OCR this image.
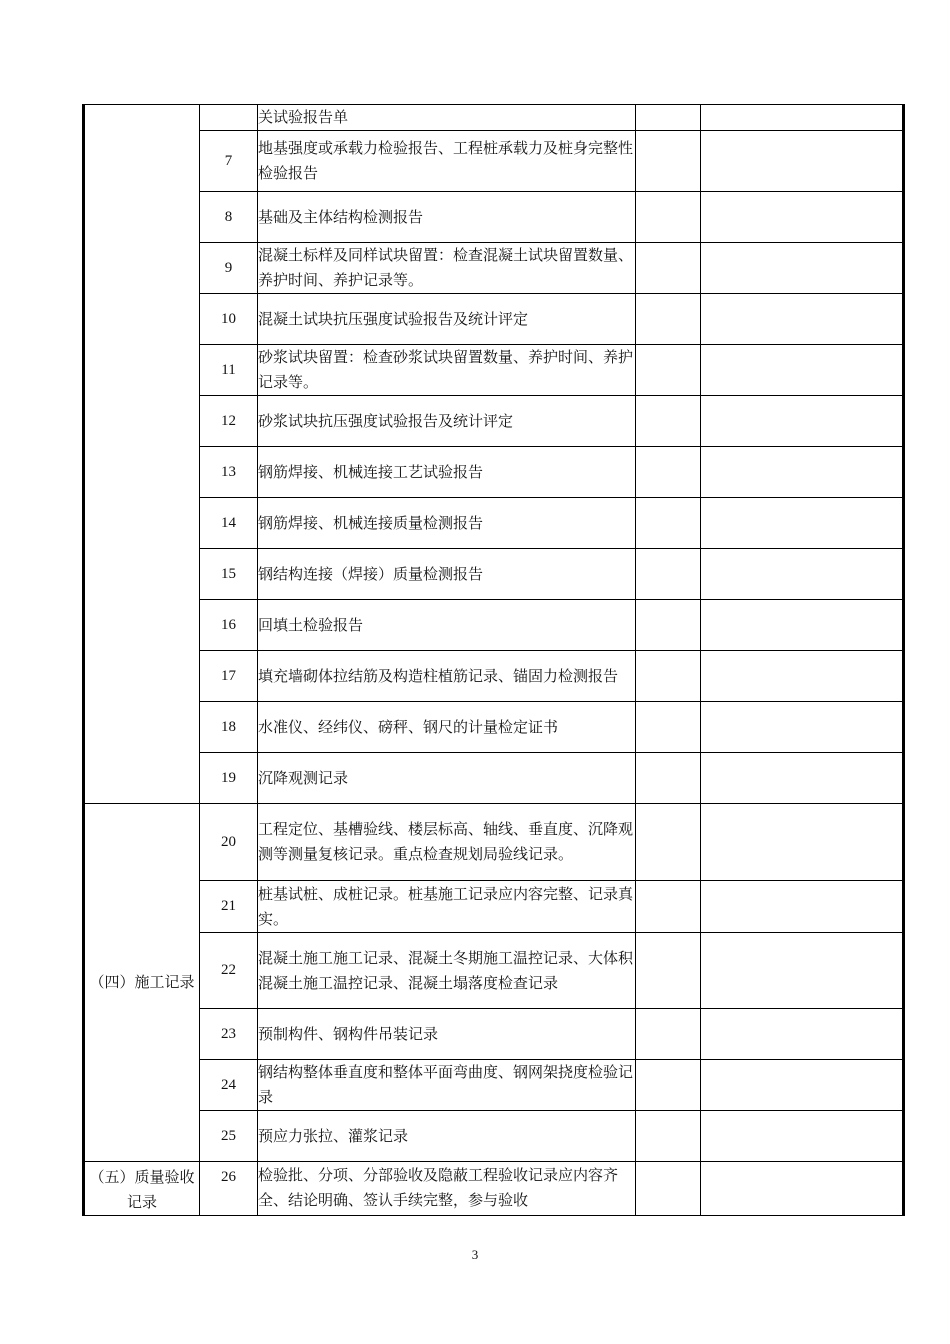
		关试验报告单		
	7	地基强度或承载力检验报告、工程桩承载力及桩身完整性检验报告		
	8	基础及主体结构检测报告		
	9	混凝土标样及同样试块留置：检查混凝土试块留置数量、养护时间、养护记录等。		
	10	混凝土试块抗压强度试验报告及统计评定		
	11	砂浆试块留置：检查砂浆试块留置数量、养护时间、养护记录等。		
	12	砂浆试块抗压强度试验报告及统计评定		
	13	钢筋焊接、机械连接工艺试验报告		
	14	钢筋焊接、机械连接质量检测报告		
	15	钢结构连接（焊接）质量检测报告		
	16	回填土检验报告		
	17	填充墙砌体拉结筋及构造柱植筋记录、锚固力检测报告		
	18	水准仪、经纬仪、磅秤、钢尺的计量检定证书		
	19	沉降观测记录		
（四）施工记录	20	工程定位、基槽验线、楼层标高、轴线、垂直度、沉降观测等测量复核记录。重点检查规划局验线记录。		
	21	桩基试桩、成桩记录。桩基施工记录应内容完整、记录真实。		
	22	混凝土施工施工记录、混凝土冬期施工温控记录、大体积混凝土施工温控记录、混凝土塌落度检查记录		
	23	预制构件、钢构件吊装记录		
	24	钢结构整体垂直度和整体平面弯曲度、钢网架挠度检验记录		
	25	预应力张拉、灌浆记录		
（五）质量验收记录	26	检验批、分项、分部验收及隐蔽工程验收记录应内容齐全、结论明确、签认手续完整，参与验收		
3
